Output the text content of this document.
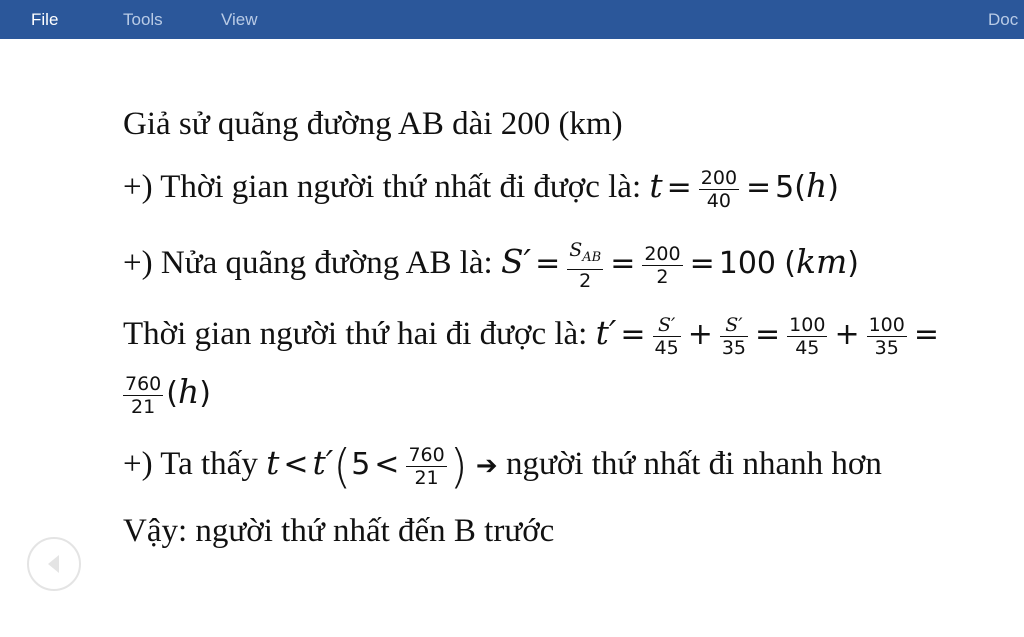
File	Tools	View	Doc
Giả sử quãng đường AB dài 200 (km)
+) Thời gian người thứ nhất đi được là: $t = \frac{200}{40} = 5(h)$
+) Nửa quãng đường AB là: $S' = \frac{S_{AB}}{2} = \frac{200}{2} = 100$ (km)
Thời gian người thứ hai đi được là: $t' = \frac{S'}{45} + \frac{S'}{35} = \frac{100}{45} + \frac{100}{35}$ =
$\frac{760}{21} (h)$
+) Ta thấy $t < t'(5 < \frac{760}{21}$ ) ➔ người thứ nhất đi nhanh hơn
Vậy: người thứ nhất đến B trước
